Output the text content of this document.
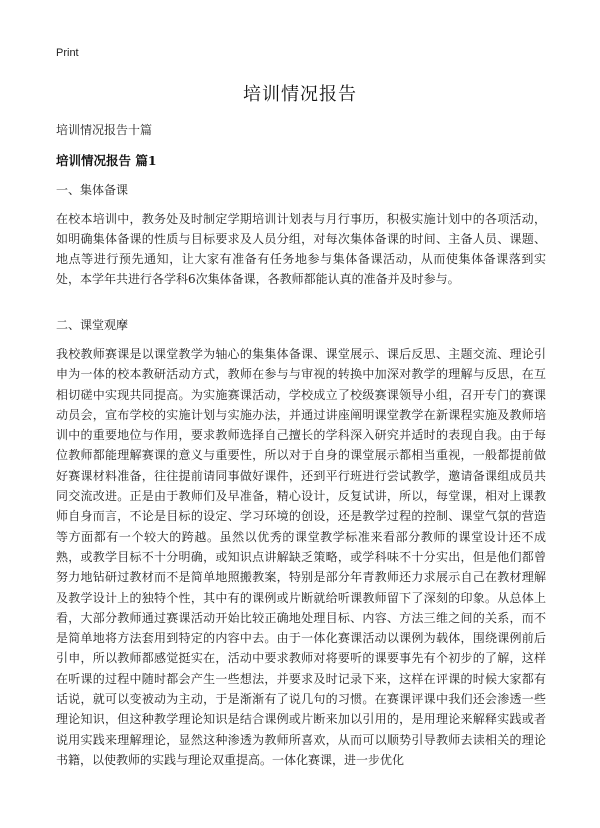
Print
培训情况报告
培训情况报告十篇
培训情况报告 篇1
一、集体备课
在校本培训中，教务处及时制定学期培训计划表与月行事历，积极实施计划中的各项活动，如明确集体备课的性质与目标要求及人员分组，对每次集体备课的时间、主备人员、课题、地点等进行预先通知，让大家有准备有任务地参与集体备课活动，从而使集体备课落到实处，本学年共进行各学科6次集体备课，各教师都能认真的准备并及时参与。
二、课堂观摩
我校教师赛课是以课堂教学为轴心的集集体备课、课堂展示、课后反思、主题交流、理论引申为一体的校本教研活动方式，教师在参与与审视的转换中加深对教学的理解与反思，在互相切磋中实现共同提高。为实施赛课活动，学校成立了校级赛课领导小组，召开专门的赛课动员会，宣布学校的实施计划与实施办法，并通过讲座阐明课堂教学在新课程实施及教师培训中的重要地位与作用，要求教师选择自己擅长的学科深入研究并适时的表现自我。由于每位教师都能理解赛课的意义与重要性，所以对于自身的课堂展示都相当重视，一般都提前做好赛课材料准备，往往提前请同事做好课件，还到平行班进行尝试教学，邀请备课组成员共同交流改进。正是由于教师们及早准备，精心设计，反复试讲，所以，每堂课，相对上课教师自身而言，不论是目标的设定、学习环境的创设，还是教学过程的控制、课堂气氛的营造等方面都有一个较大的跨越。虽然以优秀的课堂教学标准来看部分教师的课堂设计还不成熟，或教学目标不十分明确，或知识点讲解缺乏策略，或学科味不十分实出，但是他们都曾努力地钻研过教材而不是简单地照搬教案，特别是部分年青教师还力求展示自己在教材理解及教学设计上的独特个性，其中有的课例或片断就给听课教师留下了深刻的印象。从总体上看，大部分教师通过赛课活动开始比较正确地处理目标、内容、方法三维之间的关系，而不是简单地将方法套用到特定的内容中去。由于一体化赛课活动以课例为载体，围绕课例前后引申，所以教师都感觉挺实在，活动中要求教师对将要听的课要事先有个初步的了解，这样在听课的过程中随时都会产生一些想法，并要求及时记录下来，这样在评课的时候大家都有话说，就可以变被动为主动，于是渐渐有了说几句的习惯。在赛课评课中我们还会渗透一些理论知识，但这种教学理论知识是结合课例或片断来加以引用的，是用理论来解释实践或者说用实践来理解理论，显然这种渗透为教师所喜欢，从而可以顺势引导教师去读相关的理论书籍，以使教师的实践与理论双重提高。一体化赛课，进一步优化
